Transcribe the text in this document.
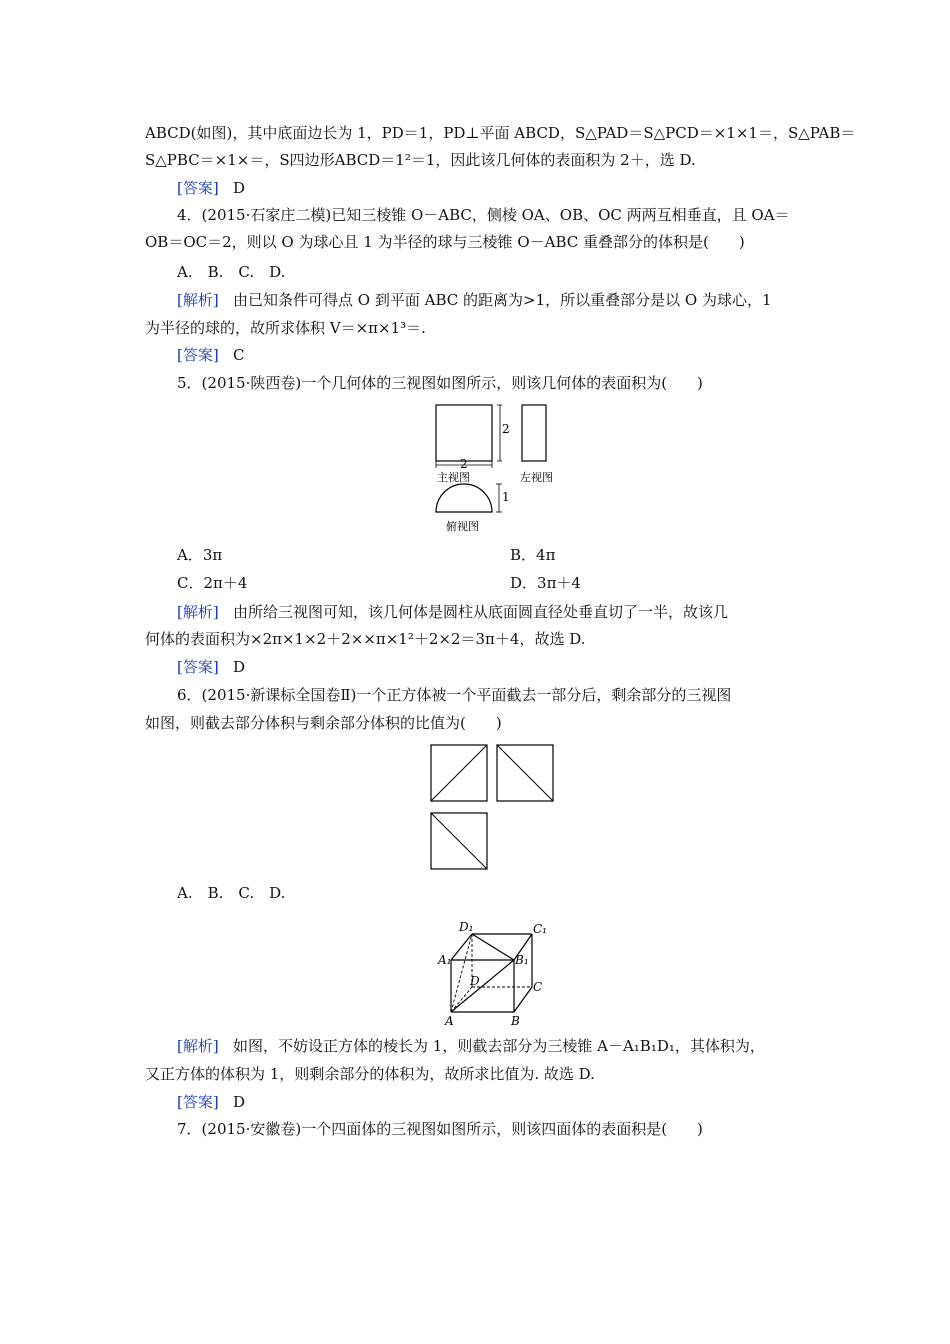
ABCD(如图)，其中底面边长为 1，PD＝1，PD⊥平面 ABCD，S△PAD＝S△PCD＝×1×1＝，S△PAB＝
S△PBC＝×1×＝，S四边形ABCD＝1²＝1，因此该几何体的表面积为 2＋，选 D.
[答案] D
4．(2015·石家庄二模)已知三棱锥 O－ABC，侧棱 OA、OB、OC 两两互相垂直，且 OA＝
OB＝OC＝2，则以 O 为球心且 1 为半径的球与三棱锥 O－ABC 重叠部分的体积是(　　)
A.　B.　C.　D.
[解析] 由已知条件可得点 O 到平面 ABC 的距离为>1，所以重叠部分是以 O 为球心，1
为半径的球的，故所求体积 V＝×π×1³＝.
[答案] C
5．(2015·陕西卷)一个几何体的三视图如图所示，则该几何体的表面积为(　　)
2
2
主视图	左视图
1
俯视图
A．3π	B．4π
C．2π＋4	D．3π＋4
[解析] 由所给三视图可知，该几何体是圆柱从底面圆直径处垂直切了一半，故该几
何体的表面积为×2π×1×2＋2××π×1²＋2×2＝3π＋4，故选 D.
[答案] D
6．(2015·新课标全国卷Ⅱ)一个正方体被一个平面截去一部分后，剩余部分的三视图
如图，则截去部分体积与剩余部分体积的比值为(　　)
A.　B.　C.　D.
D₁	C₁
A₁	B₁
D	C
A	B
[解析] 如图，不妨设正方体的棱长为 1，则截去部分为三棱锥 A－A₁B₁D₁，其体积为，
又正方体的体积为 1，则剩余部分的体积为，故所求比值为. 故选 D.
[答案] D
7．(2015·安徽卷)一个四面体的三视图如图所示，则该四面体的表面积是(　　)
